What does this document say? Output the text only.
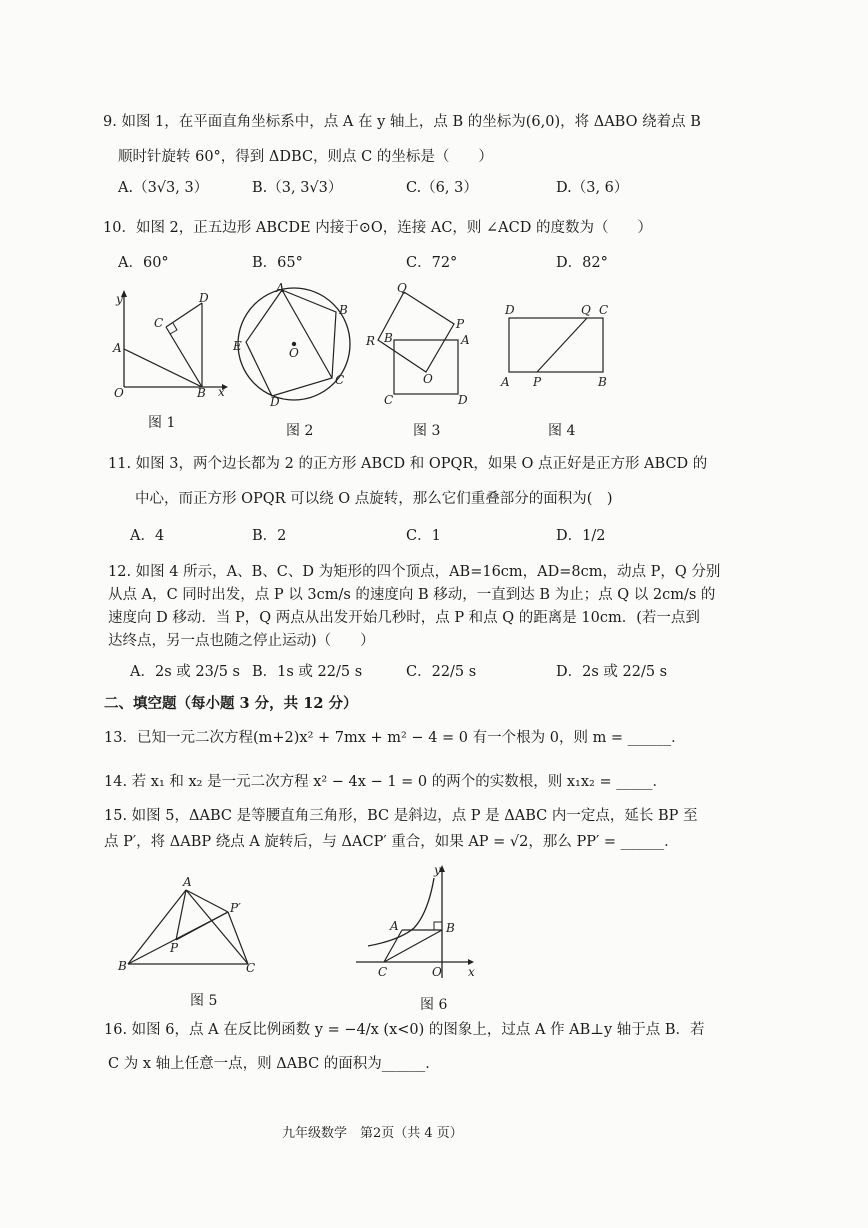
9. 如图 1，在平面直角坐标系中，点 A 在 y 轴上，点 B 的坐标为(6,0)，将 ΔABO 绕着点 B
顺时针旋转 60°，得到 ΔDBC，则点 C 的坐标是（　　）
A.（3√3, 3）	B.（3, 3√3）	C.（6, 3）	D.（3, 6）
10．如图 2，正五边形 ABCDE 内接于⊙O，连接 AC，则 ∠ACD 的度数为（　　）
A．60°	B．65°	C．72°	D．82°
y	D
C
A
O	B x
A
B
E	O
C
D
Q
P
R B	A
O
C	D
D	Q C
A P	B
图 1	图 2	图 3	图 4
11. 如图 3，两个边长都为 2 的正方形 ABCD 和 OPQR，如果 O 点正好是正方形 ABCD 的
中心，而正方形 OPQR 可以绕 O 点旋转，那么它们重叠部分的面积为(　)
A．4	B．2	C．1	D．1/2
12. 如图 4 所示，A、B、C、D 为矩形的四个顶点，AB=16cm，AD=8cm，动点 P，Q 分别
从点 A，C 同时出发，点 P 以 3cm/s 的速度向 B 移动，一直到达 B 为止；点 Q 以 2cm/s 的
速度向 D 移动．当 P，Q 两点从出发开始几秒时，点 P 和点 Q 的距离是 10cm．(若一点到
达终点，另一点也随之停止运动)（　　）
A．2s 或 23/5 s B．1s 或 22/5 s	C．22/5 s	D．2s 或 22/5 s
二、填空题（每小题 3 分，共 12 分）
13．已知一元二次方程(m+2)x² + 7mx + m² − 4 = 0 有一个根为 0，则 m = ______．
14. 若 x₁ 和 x₂ 是一元二次方程 x² − 4x − 1 = 0 的两个的实数根，则 x₁x₂ = _____．
15. 如图 5，ΔABC 是等腰直角三角形，BC 是斜边，点 P 是 ΔABC 内一定点，延长 BP 至
点 P′，将 ΔABP 绕点 A 旋转后，与 ΔACP′ 重合，如果 AP = √2，那么 PP′ = ______．
A
P′
P
B	C
y
A	B
C	O x
图 5	图 6
16. 如图 6，点 A 在反比例函数 y = −4/x (x<0) 的图象上，过点 A 作 AB⊥y 轴于点 B．若
C 为 x 轴上任意一点，则 ΔABC 的面积为______．
九年级数学　第2页（共 4 页）
